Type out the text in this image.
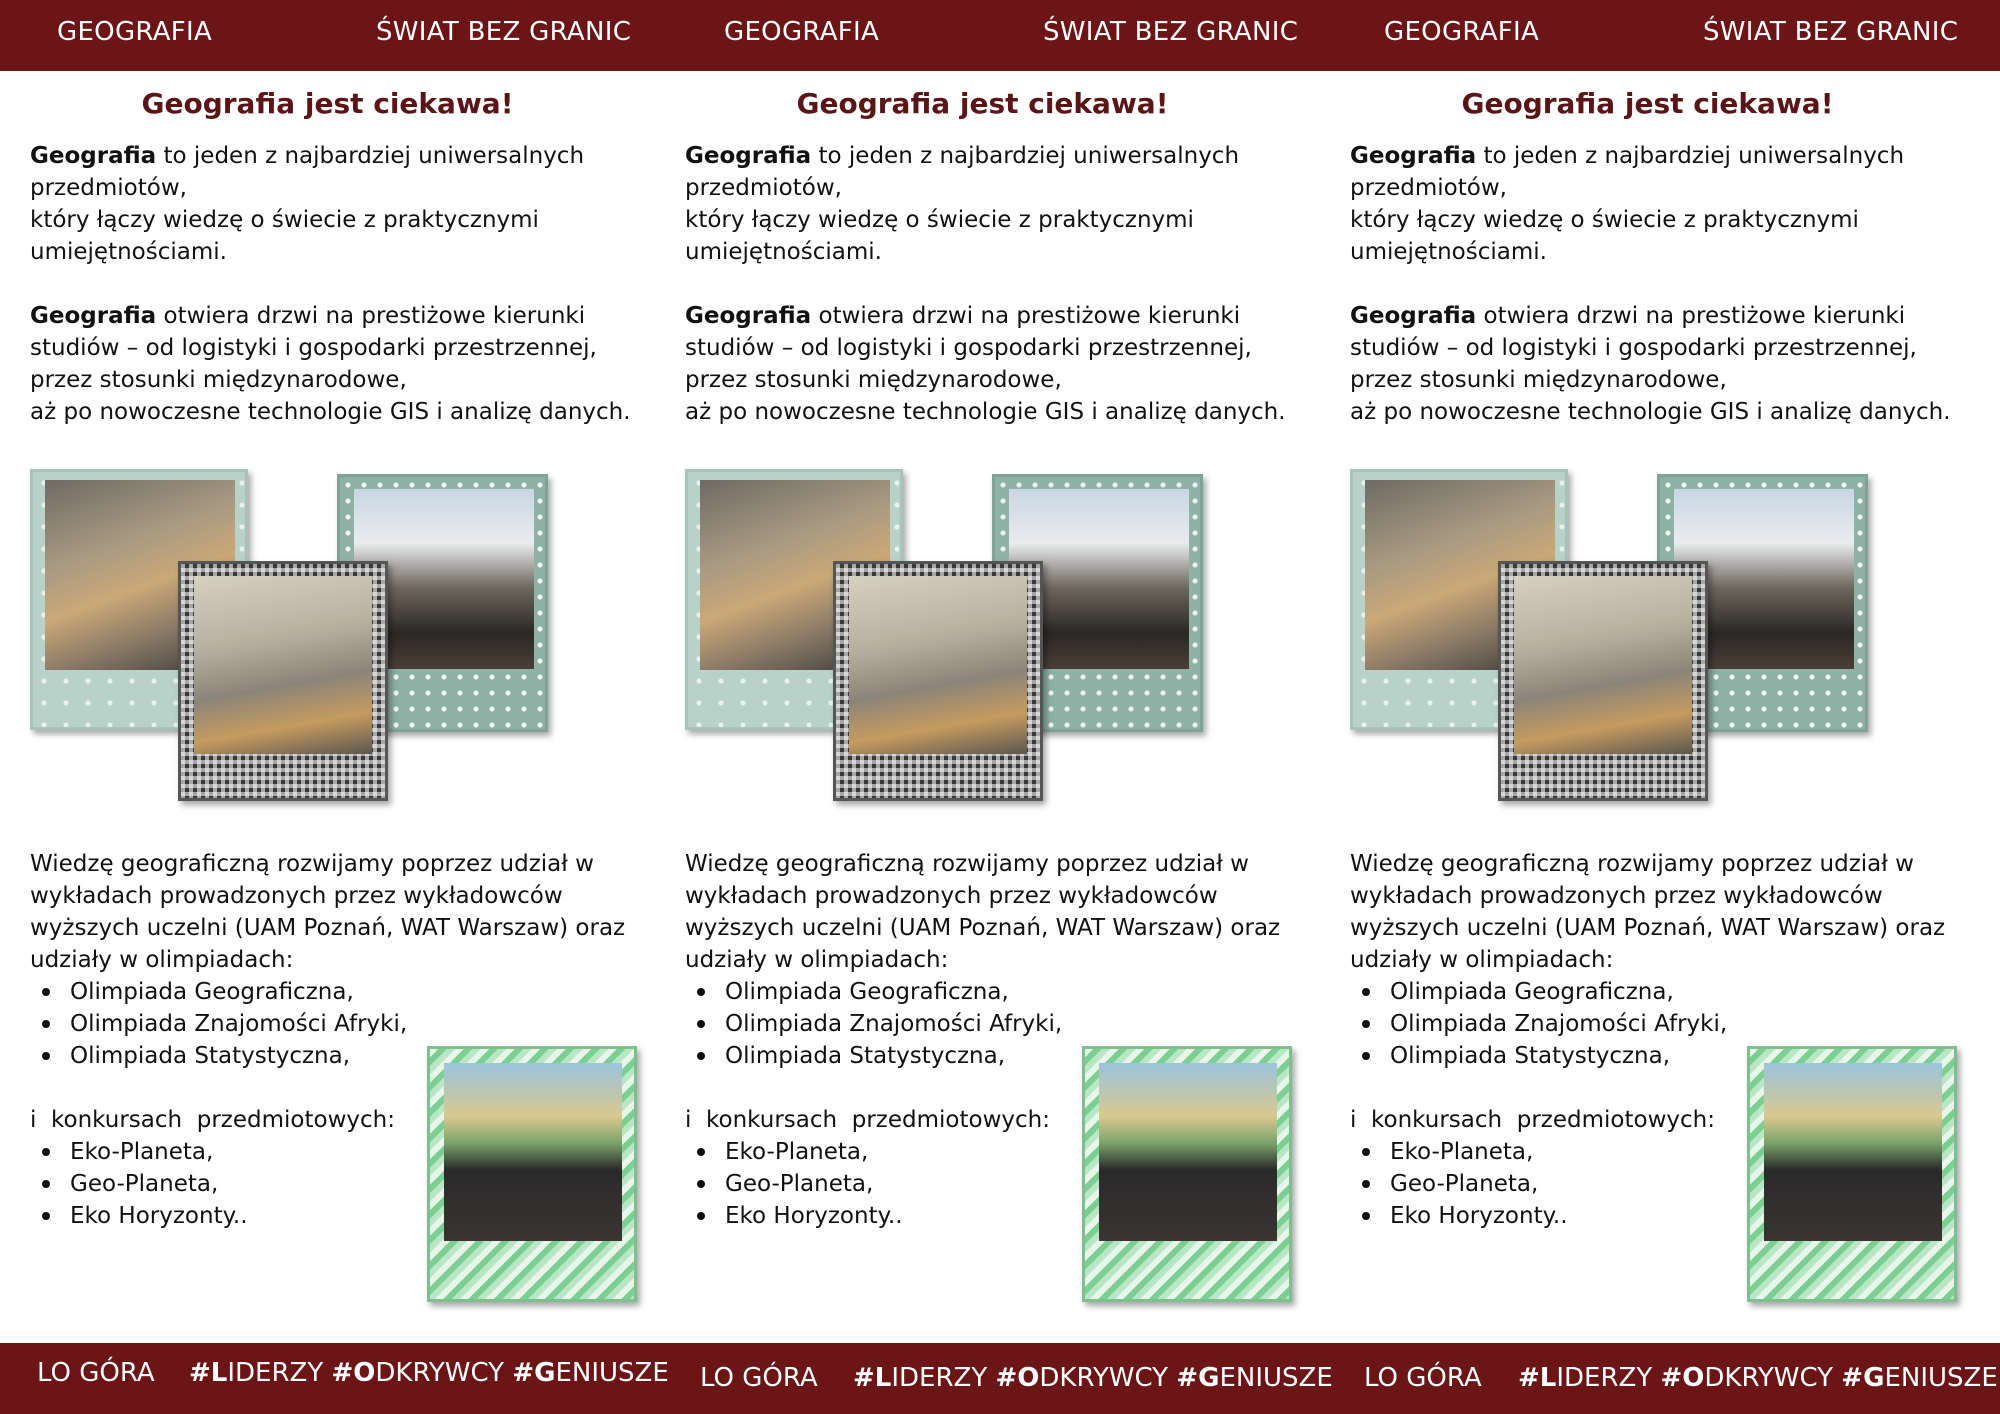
GEOGRAFIA	ŚWIAT BEZ GRANIC	GEOGRAFIA	ŚWIAT BEZ GRANIC	GEOGRAFIA	ŚWIAT BEZ GRANIC
Geografia jest ciekawa!
Geografia to jeden z najbardziej uniwersalnych przedmiotów,
który łączy wiedzę o świecie z praktycznymi umiejętnościami.
Geografia otwiera drzwi na prestiżowe kierunki studiów – od logistyki i gospodarki przestrzennej, przez stosunki międzynarodowe,
aż po nowoczesne technologie GIS i analizę danych.
Wiedzę geograficzną rozwijamy poprzez udział w wykładach prowadzonych przez wykładowców wyższych uczelni (UAM Poznań, WAT Warszaw) oraz udziały w olimpiadach:
Olimpiada Geograficzna,
Olimpiada Znajomości Afryki,
Olimpiada Statystyczna,
i  konkursach  przedmiotowych:
Eko-Planeta,
Geo-Planeta,
Eko Horyzonty..
Geografia jest ciekawa!
Geografia to jeden z najbardziej uniwersalnych przedmiotów,
który łączy wiedzę o świecie z praktycznymi umiejętnościami.
Geografia otwiera drzwi na prestiżowe kierunki studiów – od logistyki i gospodarki przestrzennej, przez stosunki międzynarodowe,
aż po nowoczesne technologie GIS i analizę danych.
Wiedzę geograficzną rozwijamy poprzez udział w wykładach prowadzonych przez wykładowców wyższych uczelni (UAM Poznań, WAT Warszaw) oraz udziały w olimpiadach:
Olimpiada Geograficzna,
Olimpiada Znajomości Afryki,
Olimpiada Statystyczna,
i  konkursach  przedmiotowych:
Eko-Planeta,
Geo-Planeta,
Eko Horyzonty..
Geografia jest ciekawa!
Geografia to jeden z najbardziej uniwersalnych przedmiotów,
który łączy wiedzę o świecie z praktycznymi umiejętnościami.
Geografia otwiera drzwi na prestiżowe kierunki studiów – od logistyki i gospodarki przestrzennej, przez stosunki międzynarodowe,
aż po nowoczesne technologie GIS i analizę danych.
Wiedzę geograficzną rozwijamy poprzez udział w wykładach prowadzonych przez wykładowców wyższych uczelni (UAM Poznań, WAT Warszaw) oraz udziały w olimpiadach:
Olimpiada Geograficzna,
Olimpiada Znajomości Afryki,
Olimpiada Statystyczna,
i  konkursach  przedmiotowych:
Eko-Planeta,
Geo-Planeta,
Eko Horyzonty..
LO GÓRA #LIDERZY #ODKRYWCY #GENIUSZE LO GÓRA #LIDERZY #ODKRYWCY #GENIUSZE LO GÓRA #LIDERZY #ODKRYWCY #GENIUSZE
